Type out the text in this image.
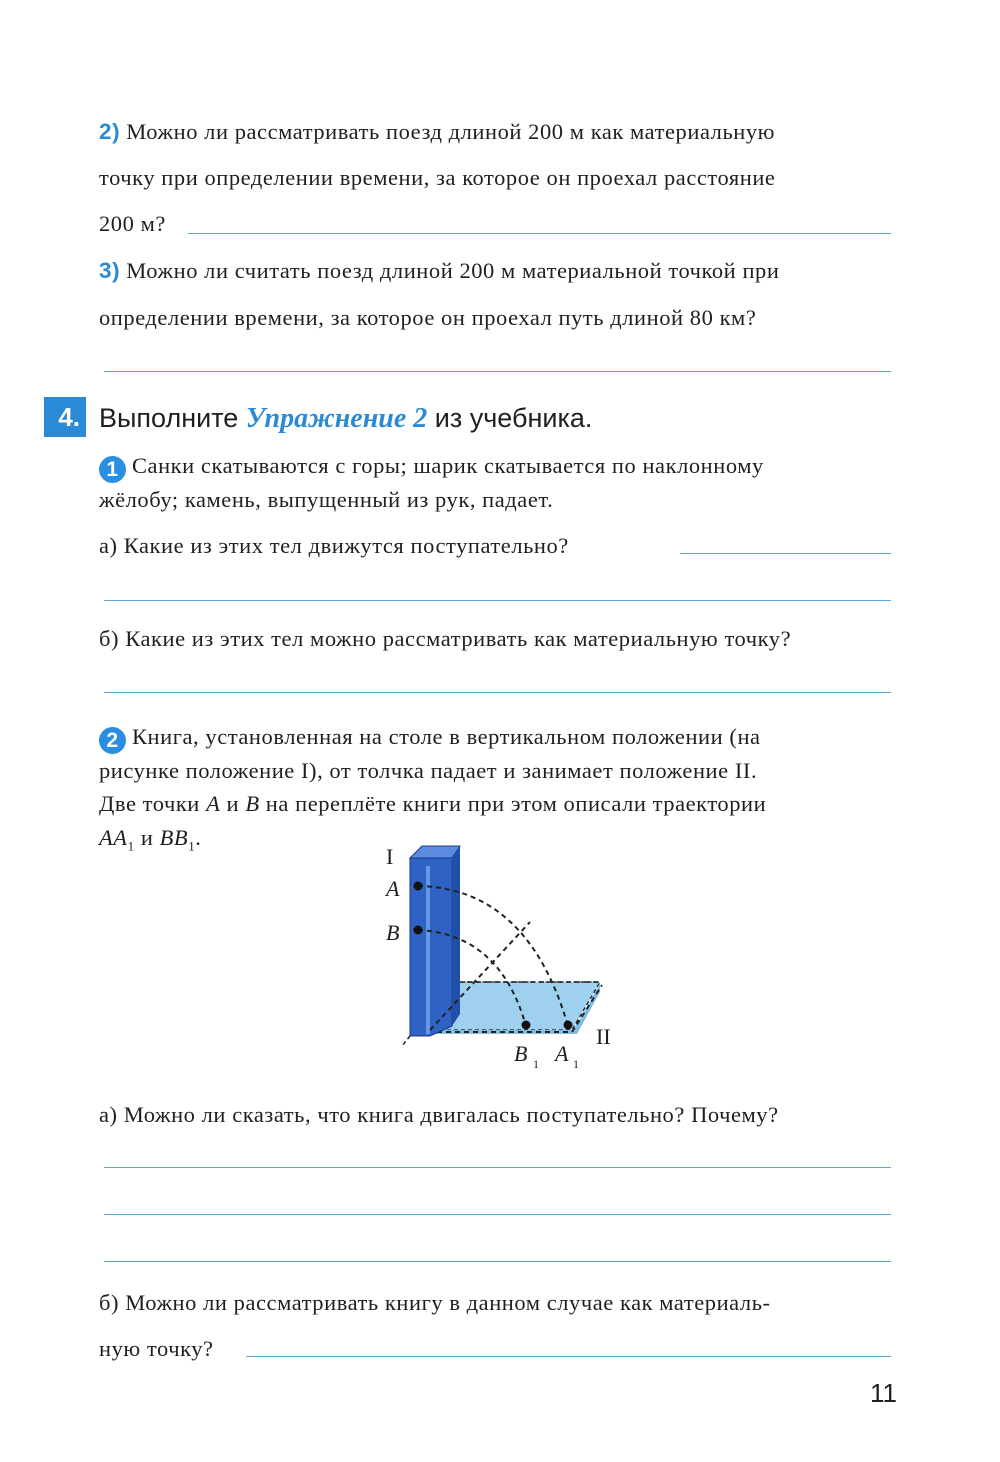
2) Можно ли рассматривать поезд длиной 200 м как материальную
точку при определении времени, за которое он проехал расстояние
200 м?
3) Можно ли считать поезд длиной 200 м материальной точкой при
определении времени, за которое он проехал путь длиной 80 км?
4. Выполните Упражнение 2 из учебника.
1 Санки скатываются с горы; шарик скатывается по наклонному
жёлобу; камень, выпущенный из рук, падает.
а) Какие из этих тел движутся поступательно?
б) Какие из этих тел можно рассматривать как материальную точку?
2 Книга, установленная на столе в вертикальном положении (на
рисунке положение I), от толчка падает и занимает положение II.
Две точки A и B на переплёте книги при этом описали траектории
$AA_1$ и $BB_1$.
I
A
B
II
B 1 A 1
а) Можно ли сказать, что книга двигалась поступательно? Почему?
б) Можно ли рассматривать книгу в данном случае как материаль-
ную точку?
11
